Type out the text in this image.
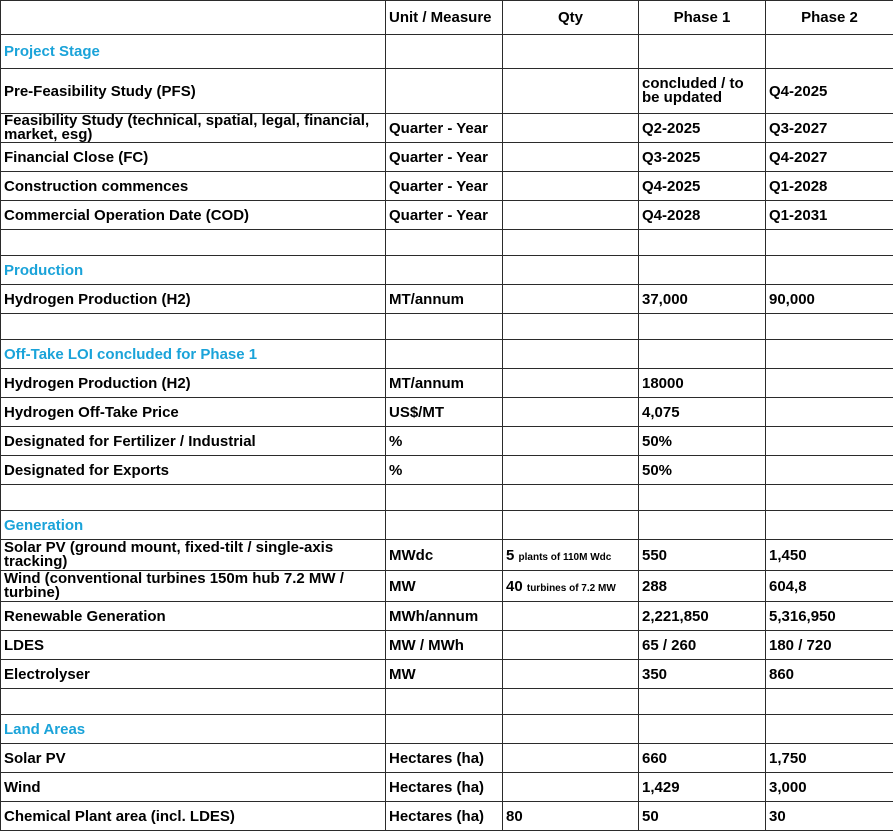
	Unit / Measure	Qty	Phase 1	Phase 2
Project Stage				
Pre-Feasibility Study (PFS)			concluded / to be updated	Q4-2025
Feasibility Study (technical, spatial, legal, financial, market, esg)	Quarter - Year		Q2-2025	Q3-2027
Financial Close (FC)	Quarter - Year		Q3-2025	Q4-2027
Construction commences	Quarter - Year		Q4-2025	Q1-2028
Commercial Operation Date (COD)	Quarter - Year		Q4-2028	Q1-2031

Production				
Hydrogen Production (H2)	MT/annum		37,000	90,000

Off-Take LOI concluded for Phase 1				
Hydrogen Production (H2)	MT/annum		18000	
Hydrogen Off-Take Price	US$/MT		4,075	
Designated for Fertilizer / Industrial	%		50%	
Designated for Exports	%		50%	

Generation				
Solar PV (ground mount, fixed-tilt / single-axis tracking)	MWdc	5 plants of 110M Wdc	550	1,450
Wind (conventional turbines 150m hub 7.2 MW / turbine)	MW	40 turbines of 7.2 MW	288	604,8
Renewable Generation	MWh/annum		2,221,850	5,316,950
LDES	MW / MWh		65 / 260	180 / 720
Electrolyser	MW		350	860

Land Areas				
Solar PV	Hectares (ha)		660	1,750
Wind	Hectares (ha)		1,429	3,000
Chemical Plant area (incl. LDES)	Hectares (ha)	80	50	30
